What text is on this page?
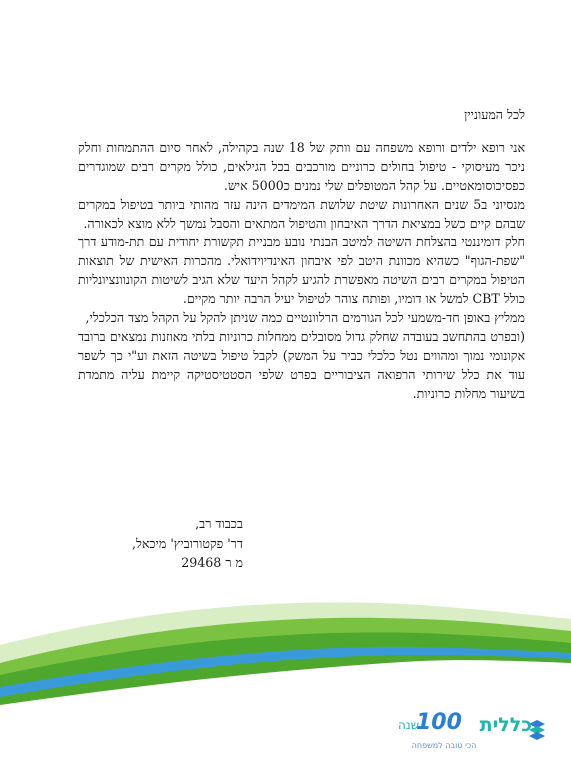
לכל המעוניין

אני רופא ילדים ורופא משפחה עם וותק של 18 שנה בקהילה, לאחר סיום ההתמחות וחלק ניכר מעיסוקי - טיפול בחולים כרוניים מורכבים בכל הגילאים, כולל מקרים רבים שמוגדרים כפסיכוסומאטיים. על קהל המטופלים שלי נמנים כ5000 איש.

מנסיוני ב5 שנים האחרונות שיטת שלושת המימדים הינה עזר מהותי ביותר בטיפול במקרים שבהם קיים כשל במציאת הדרך האיבחון והטיפול המתאים והסבל נמשך ללא מוצא לכאורה.

חלק דומיננטי בהצלחת השיטה למיטב הבנתי נובע מבניית תקשורת יחודית עם תת-מודע דרך "שפת-הגוף" כשהיא מכוונת היטב לפי איבחון האינדיוידואלי. מהכרות האישית של תוצאות הטיפול במקרים רבים השיטה מאפשרת להגיע לקהל היעד שלא הגיב לשיטות הקונוונציונליות כולל CBT למשל או דומיו, ופותח צוהר לטיפול יעיל הרבה יותר מקיים.

ממליץ באופן חד-משמעי לכל הגורמים הרלוונטיים כמה שניתן להקל על הקהל מצד הכלכלי,

(ובפרט בהתחשב בעובדה שחלק גדול מסובלים ממחלות כרוניות בלתי מאוזנות נמצאים ברובד אקונומי נמוך ומהווים נטל כלכלי כביר על המשק) לקבל טיפול בשיטה הזאת וע"י כך לשפר עוד את כלל שירותי הרפואה הציבוריים בפרט שלפי הסטטיסטיקה קיימת עליה מתמדת בשיעור מחלות כרוניות.

בכבוד רב,
דר' פקטורוביץ' מיכאל,
מ ר 29468
כללית
100
שנה
הכי טובה למשפחה
